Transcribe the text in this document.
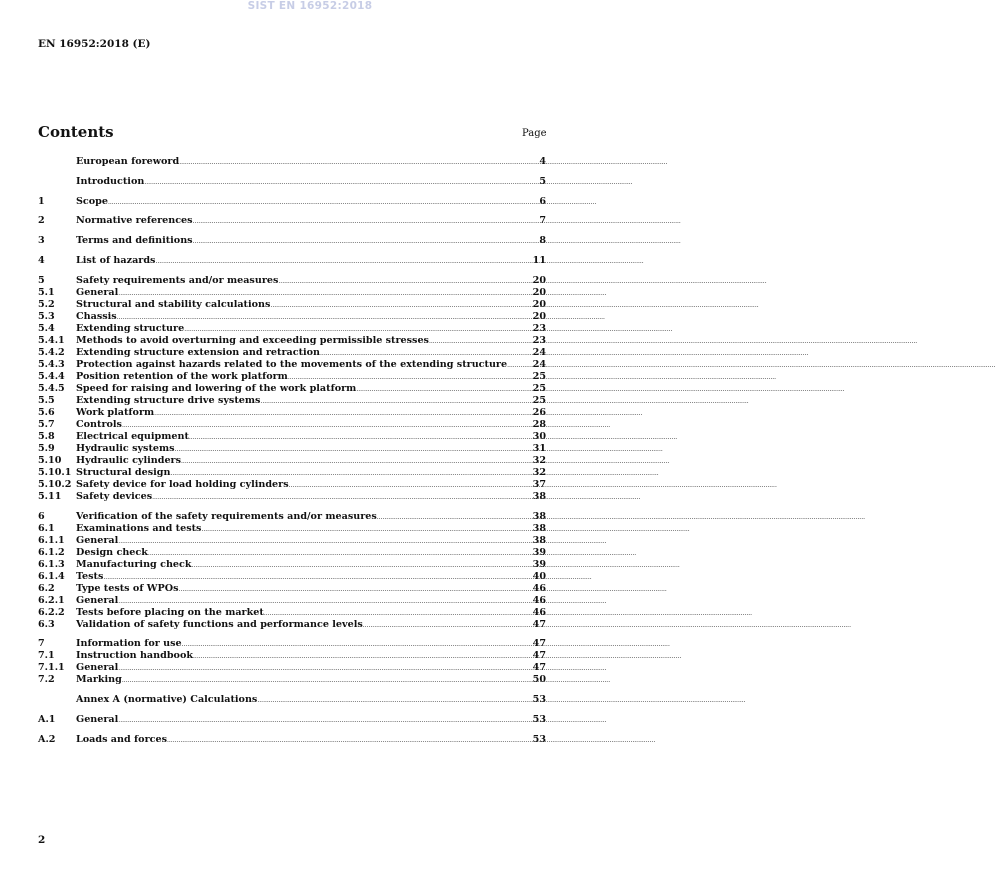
SIST EN 16952:2018
EN 16952:2018 (E)
Contents	Page
European foreword .....	4
Introduction .....	5
1	Scope .....	6
2	Normative references .....	7
3	Terms and definitions .....	8
4	List of hazards .....	11
5	Safety requirements and/or measures .....	20
5.1	General .....	20
5.2	Structural and stability calculations .....	20
5.3	Chassis .....	20
5.4	Extending structure .....	23
5.4.1	Methods to avoid overturning and exceeding permissible stresses .....	23
5.4.2	Extending structure extension and retraction .....	24
5.4.3	Protection against hazards related to the movements of the extending structure .....	24
5.4.4	Position retention of the work platform .....	25
5.4.5	Speed for raising and lowering of the work platform .....	25
5.5	Extending structure drive systems .....	25
5.6	Work platform .....	26
5.7	Controls .....	28
5.8	Electrical equipment .....	30
5.9	Hydraulic systems .....	31
5.10	Hydraulic cylinders .....	32
5.10.1 Structural design .....	32
5.10.2 Safety device for load holding cylinders .....	37
5.11	Safety devices .....	38
6	Verification of the safety requirements and/or measures .....	38
6.1	Examinations and tests .....	38
6.1.1	General .....	38
6.1.2	Design check .....	39
6.1.3	Manufacturing check .....	39
6.1.4	Tests .....	40
6.2	Type tests of WPOs .....	46
6.2.1	General .....	46
6.2.2	Tests before placing on the market .....	46
6.3	Validation of safety functions and performance levels .....	47
7	Information for use .....	47
7.1	Instruction handbook .....	47
7.1.1	General .....	47
7.2	Marking .....	50
Annex A (normative) Calculations .....	53
A.1	General .....	53
A.2	Loads and forces .....	53
2
